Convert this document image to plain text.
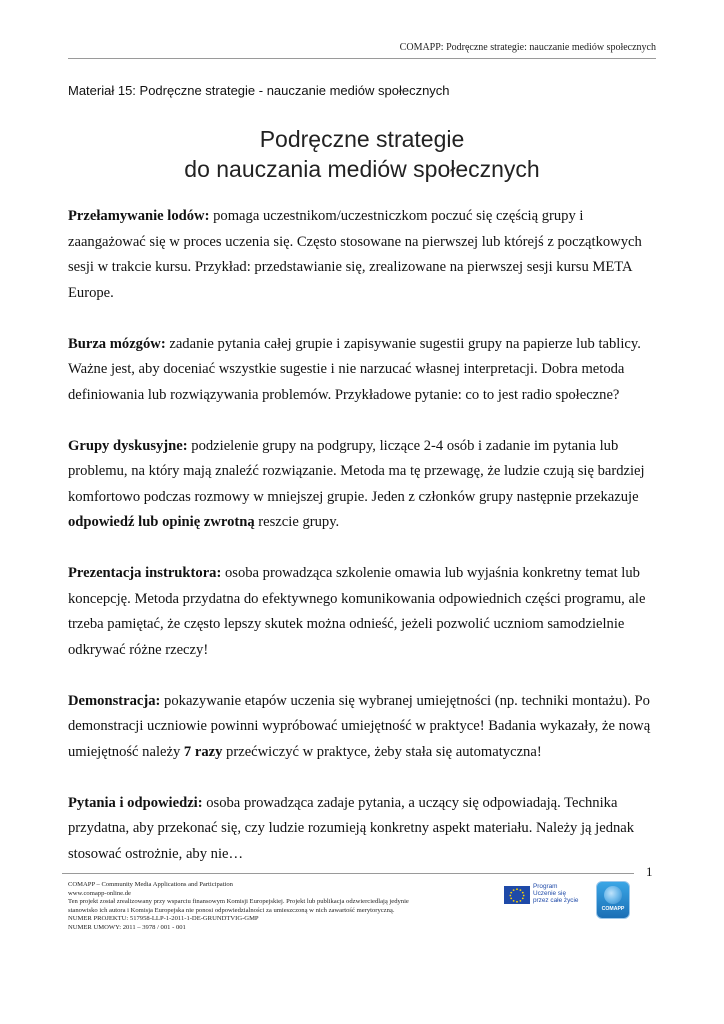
COMAPP: Podręczne strategie: nauczanie mediów społecznych
Materiał 15: Podręczne strategie - nauczanie mediów społecznych
Podręczne strategie
do nauczania mediów społecznych

Przełamywanie lodów: pomaga uczestnikom/uczestniczkom poczuć się częścią grupy i zaangażować się w proces uczenia się. Często stosowane na pierwszej lub którejś z początkowych sesji w trakcie kursu. Przykład: przedstawianie się, zrealizowane na pierwszej sesji kursu META Europe.

Burza mózgów: zadanie pytania całej grupie i zapisywanie sugestii grupy na papierze lub tablicy. Ważne jest, aby doceniać wszystkie sugestie i nie narzucać własnej interpretacji. Dobra metoda definiowania lub rozwiązywania problemów. Przykładowe pytanie: co to jest radio społeczne?

Grupy dyskusyjne: podzielenie grupy na podgrupy, liczące 2-4 osób i zadanie im pytania lub problemu, na który mają znaleźć rozwiązanie. Metoda ma tę przewagę, że ludzie czują się bardziej komfortowo podczas rozmowy w mniejszej grupie. Jeden z członków grupy następnie przekazuje odpowiedź lub opinię zwrotną reszcie grupy.

Prezentacja instruktora: osoba prowadząca szkolenie omawia lub wyjaśnia konkretny temat lub koncepcję. Metoda przydatna do efektywnego komunikowania odpowiednich części programu, ale trzeba pamiętać, że często lepszy skutek można odnieść, jeżeli pozwolić uczniom samodzielnie odkrywać różne rzeczy!

Demonstracja: pokazywanie etapów uczenia się wybranej umiejętności (np. techniki montażu). Po demonstracji uczniowie powinni wypróbować umiejętność w praktyce! Badania wykazały, że nową umiejętność należy 7 razy przećwiczyć w praktyce, żeby stała się automatyczna!

Pytania i odpowiedzi: osoba prowadząca zadaje pytania, a uczący się odpowiadają. Technika przydatna, aby przekonać się, czy ludzie rozumieją konkretny aspekt materiału. Należy ją jednak stosować ostrożnie, aby nie…

1
COMAPP – Community Media Applications and Participation
www.comapp-online.de
Ten projekt został zrealizowany przy wsparciu finansowym Komisji Europejskiej. Projekt lub publikacja odzwierciedlają jedynie
stanowisko ich autora i Komisja Europejska nie ponosi odpowiedzialności za umieszczoną w nich zawartość merytoryczną.
NUMER PROJEKTU: 517958-LLP-1-2011-1-DE-GRUNDTVIG-GMP
NUMER UMOWY: 2011 – 3978 / 001 - 001
Program
Uczenie się
przez całe życie
COMAPP
